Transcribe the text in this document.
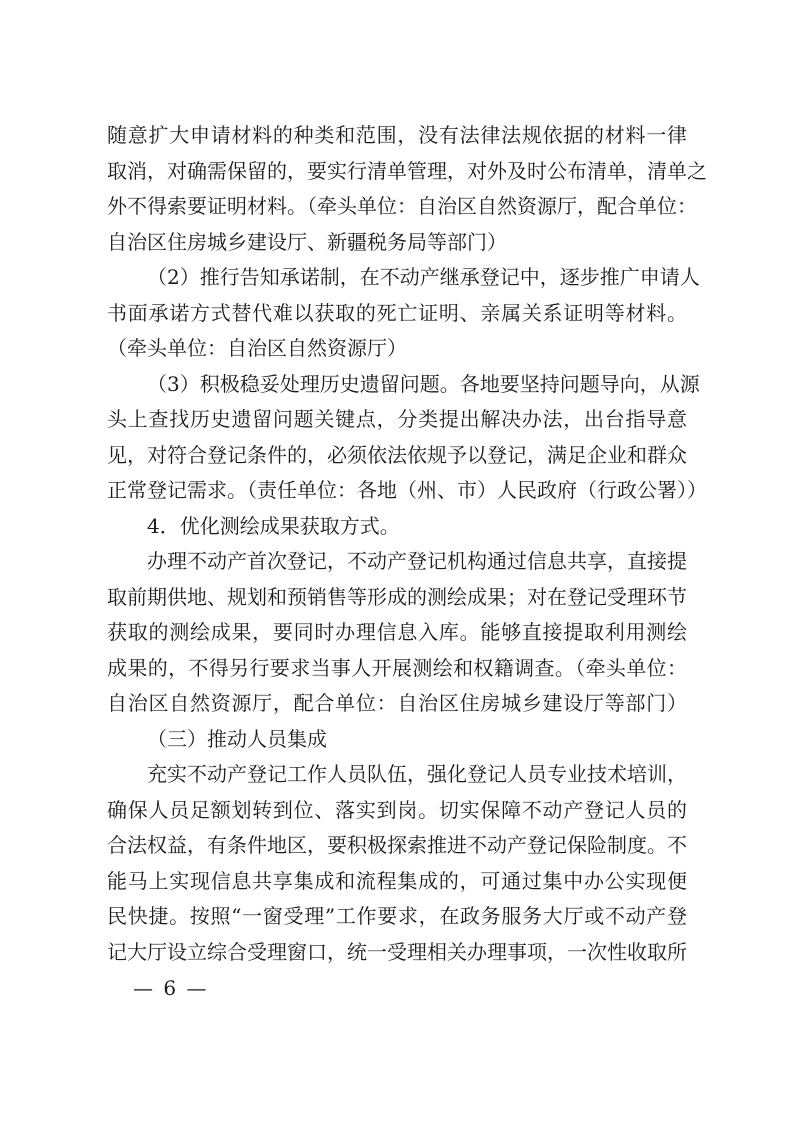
随意扩大申请材料的种类和范围，没有法律法规依据的材料一律
取消，对确需保留的，要实行清单管理，对外及时公布清单，清单之
外不得索要证明材料。（牵头单位：自治区自然资源厅，配合单位：
自治区住房城乡建设厅、新疆税务局等部门）
（2）推行告知承诺制，在不动产继承登记中，逐步推广申请人
书面承诺方式替代难以获取的死亡证明、亲属关系证明等材料。
（牵头单位：自治区自然资源厅）
（3）积极稳妥处理历史遗留问题。各地要坚持问题导向，从源
头上查找历史遗留问题关键点，分类提出解决办法，出台指导意
见，对符合登记条件的，必须依法依规予以登记，满足企业和群众
正常登记需求。（责任单位：各地（州、市）人民政府（行政公署））
4．优化测绘成果获取方式。
办理不动产首次登记，不动产登记机构通过信息共享，直接提
取前期供地、规划和预销售等形成的测绘成果；对在登记受理环节
获取的测绘成果，要同时办理信息入库。能够直接提取利用测绘
成果的，不得另行要求当事人开展测绘和权籍调查。（牵头单位：
自治区自然资源厅，配合单位：自治区住房城乡建设厅等部门）
（三）推动人员集成
充实不动产登记工作人员队伍，强化登记人员专业技术培训，
确保人员足额划转到位、落实到岗。切实保障不动产登记人员的
合法权益，有条件地区，要积极探索推进不动产登记保险制度。不
能马上实现信息共享集成和流程集成的，可通过集中办公实现便
民快捷。按照“一窗受理”工作要求，在政务服务大厅或不动产登
记大厅设立综合受理窗口，统一受理相关办理事项，一次性收取所
— 6 —
